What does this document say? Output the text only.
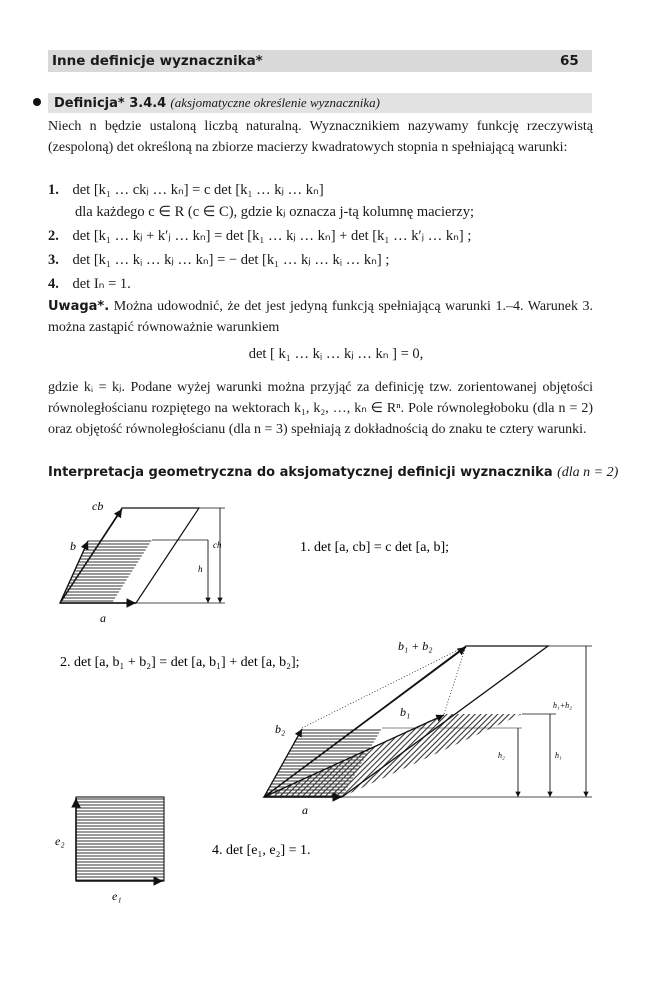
Inne definicje wyznacznika*	65
Definicja* 3.4.4 (aksjomatyczne określenie wyznacznika)
Niech n będzie ustaloną liczbą naturalną. Wyznacznikiem nazywamy funkcję rzeczywistą (zespoloną) det określoną na zbiorze macierzy kwadratowych stopnia n spełniającą warunki:
1. det [k₁ … ckⱼ … kₙ] = c det [k₁ … kⱼ … kₙ]
dla każdego c ∈ R (c ∈ C), gdzie kⱼ oznacza j-tą kolumnę macierzy;
2. det [k₁ … kⱼ + k′ⱼ … kₙ] = det [k₁ … kⱼ … kₙ] + det [k₁ … k′ⱼ … kₙ] ;
3. det [k₁ … kᵢ … kⱼ … kₙ] = − det [k₁ … kⱼ … kᵢ … kₙ] ;
4. det Iₙ = 1.
Uwaga*. Można udowodnić, że det jest jedyną funkcją spełniającą warunki 1.–4. Warunek 3. można zastąpić równoważnie warunkiem
det [ k₁ … kᵢ … kⱼ … kₙ ] = 0,
gdzie kᵢ = kⱼ. Podane wyżej warunki można przyjąć za definicję tzw. zorientowanej objętości równoległościanu rozpiętego na wektorach k₁, k₂, …, kₙ ∈ Rⁿ. Pole równoległoboku (dla n = 2) oraz objętość równoległościanu (dla n = 3) spełniają z dokładnością do znaku te cztery warunki.
Interpretacja geometryczna do aksjomatycznej definicji wyznacznika (dla n = 2)
cb
b
a
ch
h
1. det [a, cb] = c det [a, b];
2. det [a, b₁ + b₂] = det [a, b₁] + det [a, b₂];
b₁ + b₂
b₁
b₂
a
h₁+h₂
h₁
h₂
e₂
e₁
4. det [e₁, e₂] = 1.
